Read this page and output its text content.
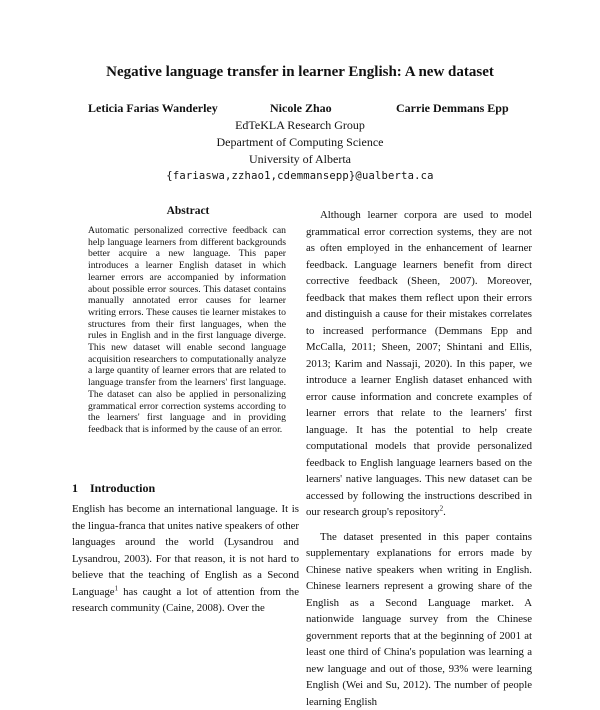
Negative language transfer in learner English: A new dataset
Leticia Farias Wanderley	Nicole Zhao	Carrie Demmans Epp
EdTeKLA Research Group
Department of Computing Science
University of Alberta
{fariaswa,zzhao1,cdemmansepp}@ualberta.ca
Abstract

Automatic personalized corrective feedback can help language learners from different backgrounds better acquire a new language. This paper introduces a learner English dataset in which learner errors are accompanied by information about possible error sources. This dataset contains manually annotated error causes for learner writing errors. These causes tie learner mistakes to structures from their first languages, when the rules in English and in the first language diverge. This new dataset will enable second language acquisition researchers to computationally analyze a large quantity of learner errors that are related to language transfer from the learners' first language. The dataset can also be applied in personalizing grammatical error correction systems according to the learners' first language and in providing feedback that is informed by the cause of an error.

1 Introduction

English has become an international language. It is the lingua-franca that unites native speakers of other languages around the world (Lysandrou and Lysandrou, 2003). For that reason, it is not hard to believe that the teaching of English as a Second Language$^1$ has caught a lot of attention from the research community (Caine, 2008). Over the

Although learner corpora are used to model grammatical error correction systems, they are not as often employed in the enhancement of learner feedback. Language learners benefit from direct corrective feedback (Sheen, 2007). Moreover, feedback that makes them reflect upon their errors and distinguish a cause for their mistakes correlates to increased performance (Demmans Epp and McCalla, 2011; Sheen, 2007; Shintani and Ellis, 2013; Karim and Nassaji, 2020). In this paper, we introduce a learner English dataset enhanced with error cause information and concrete examples of learner errors that relate to the learners' first language. It has the potential to help create computational models that provide personalized feedback to English language learners based on the learners' native languages. This new dataset can be accessed by following the instructions described in our research group's repository$^2$.

The dataset presented in this paper contains supplementary explanations for errors made by Chinese native speakers when writing in English. Chinese learners represent a growing share of the English as a Second Language market. A nationwide language survey from the Chinese government reports that at the beginning of 2001 at least one third of China's population was learning a new language and out of those, 93% were learning English (Wei and Su, 2012). The number of people learning English
